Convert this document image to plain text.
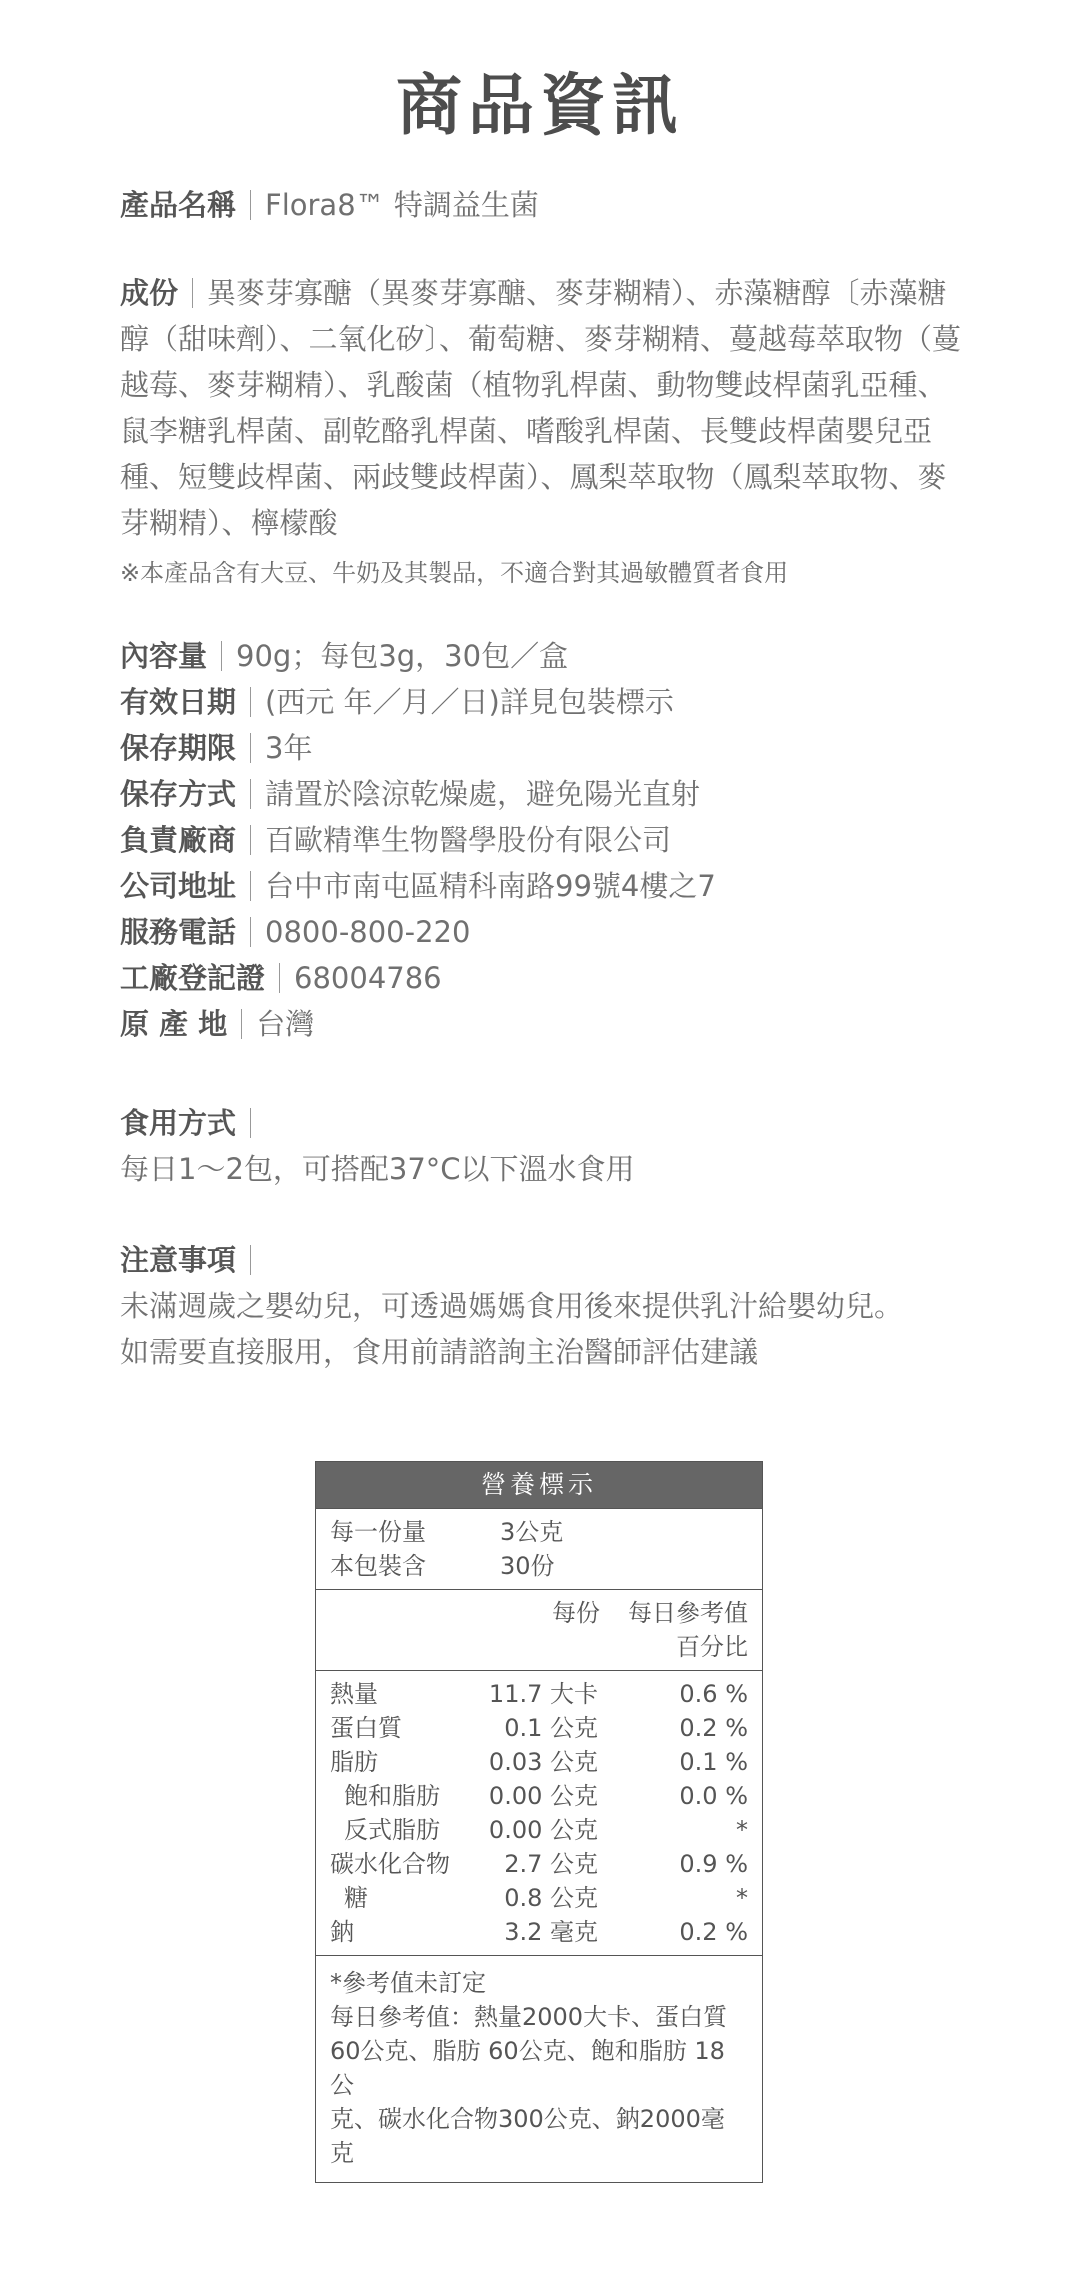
商品資訊
產品名稱 Flora8™ 特調益生菌
成份 異麥芽寡醣（異麥芽寡醣、麥芽糊精）、赤藻糖醇〔赤藻糖醇（甜味劑）、二氧化矽〕、葡萄糖、麥芽糊精、蔓越莓萃取物（蔓越莓、麥芽糊精）、乳酸菌（植物乳桿菌、動物雙歧桿菌乳亞種、鼠李糖乳桿菌、副乾酪乳桿菌、嗜酸乳桿菌、長雙歧桿菌嬰兒亞種、短雙歧桿菌、兩歧雙歧桿菌）、鳳梨萃取物（鳳梨萃取物、麥芽糊精）、檸檬酸
※本產品含有大豆、牛奶及其製品，不適合對其過敏體質者食用
內容量 90g；每包3g，30包／盒
有效日期 (西元 年／月／日)詳見包裝標示
保存期限 3年
保存方式 請置於陰涼乾燥處，避免陽光直射
負責廠商 百歐精準生物醫學股份有限公司
公司地址 台中市南屯區精科南路99號4樓之7
服務電話 0800-800-220
工廠登記證 68004786
原 產 地 台灣
食用方式
每日1～2包，可搭配37°C以下溫水食用
注意事項
未滿週歲之嬰幼兒，可透過媽媽食用後來提供乳汁給嬰幼兒。
如需要直接服用，食用前請諮詢主治醫師評估建議
營養標示
每一份量	3公克
本包裝含	30份
每份 每日參考值
百分比
熱量	11.7 大卡	0.6 %
蛋白質	0.1 公克	0.2 %
脂肪	0.03 公克	0.1 %
飽和脂肪 0.00 公克	0.0 %
反式脂肪 0.00 公克	*
碳水化合物 2.7 公克	0.9 %
糖	0.8 公克	*
鈉	3.2 毫克	0.2 %
*參考值未訂定
每日參考值：熱量2000大卡、蛋白質
60公克、脂肪 60公克、飽和脂肪 18公
克、碳水化合物300公克、鈉2000毫克
